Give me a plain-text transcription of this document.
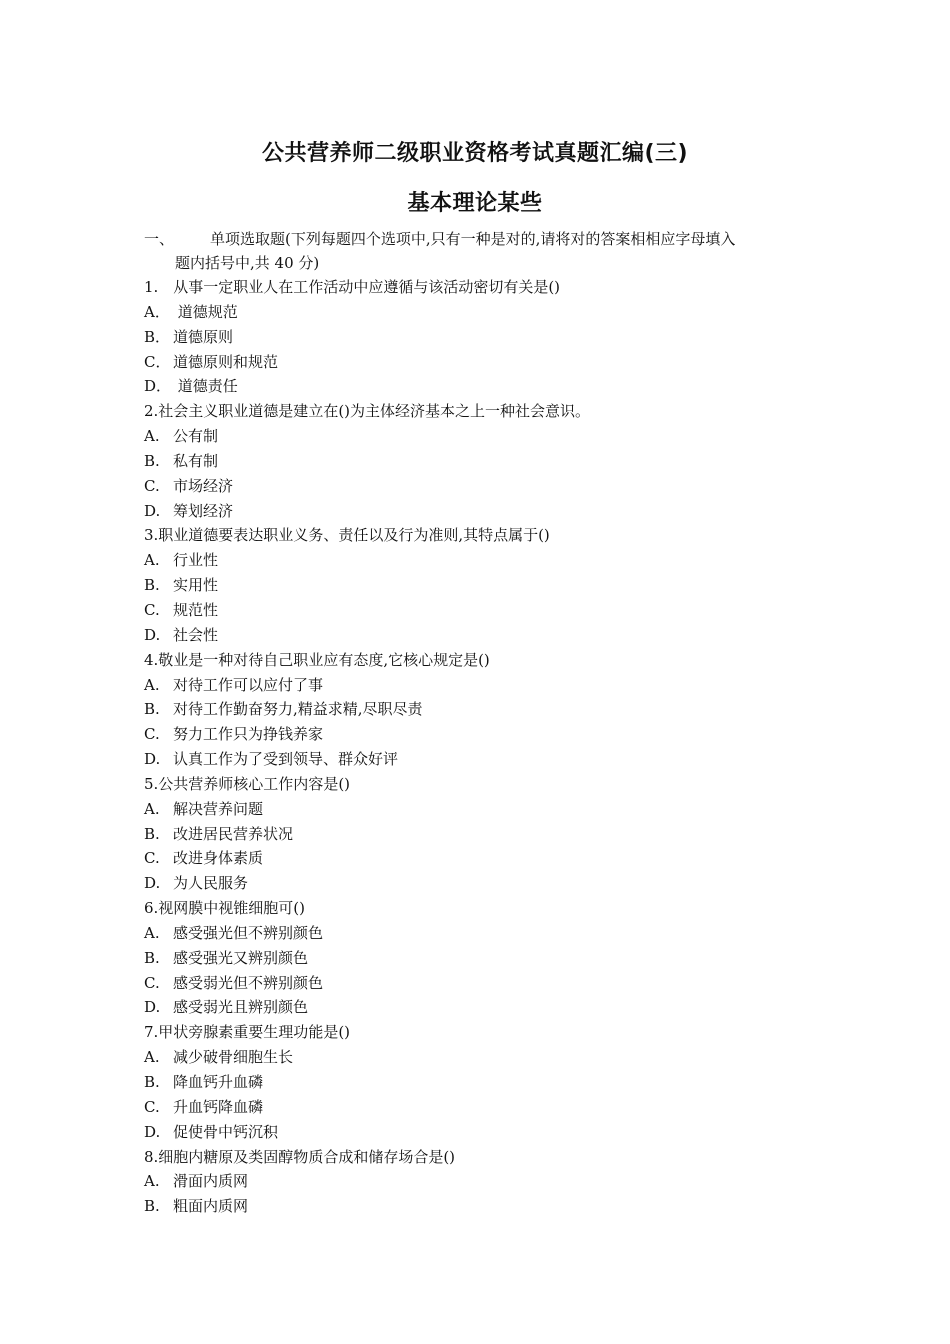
公共营养师二级职业资格考试真题汇编(三)
基本理论某些
一、 单项选取题(下列每题四个选项中,只有一种是对的,请将对的答案相相应字母填入
题内括号中,共 40 分)
1.　从事一定职业人在工作活动中应遵循与该活动密切有关是()
A． 道德规范
B． 道德原则
C． 道德原则和规范
D． 道德责任
2.社会主义职业道德是建立在()为主体经济基本之上一种社会意识。
A. 公有制
B. 私有制
C. 市场经济
D. 筹划经济
3.职业道德要表达职业义务、责任以及行为准则,其特点属于()
A. 行业性
B. 实用性
C. 规范性
D. 社会性
4.敬业是一种对待自己职业应有态度,它核心规定是()
A. 对待工作可以应付了事
B. 对待工作勤奋努力,精益求精,尽职尽责
C. 努力工作只为挣钱养家
D. 认真工作为了受到领导、群众好评
5.公共营养师核心工作内容是()
A. 解决营养问题
B. 改进居民营养状况
C. 改进身体素质
D. 为人民服务
6.视网膜中视锥细胞可()
A. 感受强光但不辨别颜色
B. 感受强光又辨别颜色
C. 感受弱光但不辨别颜色
D. 感受弱光且辨别颜色
7.甲状旁腺素重要生理功能是()
A. 减少破骨细胞生长
B. 降血钙升血磷
C. 升血钙降血磷
D. 促使骨中钙沉积
8.细胞内糖原及类固醇物质合成和储存场合是()
A. 滑面内质网
B. 粗面内质网
